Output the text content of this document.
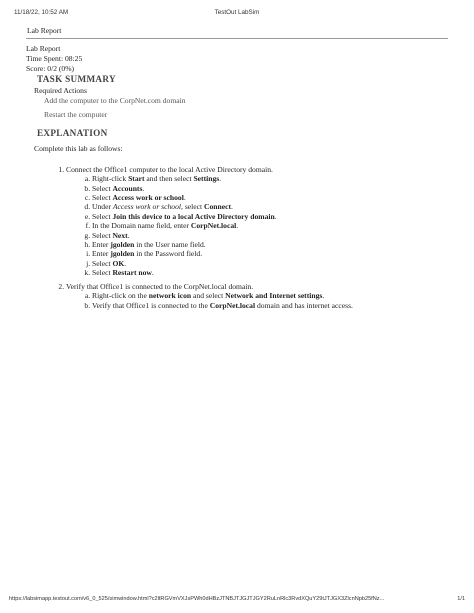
11/18/22, 10:52 AM	TestOut LabSim
Lab Report
Lab Report
Time Spent: 08:25
Score: 0/2 (0%)
TASK SUMMARY
Required Actions
Add the computer to the CorpNet.com domain
Restart the computer
EXPLANATION
Complete this lab as follows:
1. Connect the Office1 computer to the local Active Directory domain.
a. Right-click Start and then select Settings.
b. Select Accounts.
c. Select Access work or school.
d. Under Access work or school, select Connect.
e. Select Join this device to a local Active Directory domain.
f. In the Domain name field, enter CorpNet.local.
g. Select Next.
h. Enter jgolden in the User name field.
i. Enter jgolden in the Password field.
j. Select OK.
k. Select Restart now.
2. Verify that Office1 is connected to the CorpNet.local domain.
a. Right-click on the network icon and select Network and Internet settings.
b. Verify that Office1 is connected to the CorpNet.local domain and has internet access.
https://labsimapp.testout.com/v6_0_525/simwindow.html?c2ltRGVmVXJsPWh0dHBzJTNBJTJGJTJGY2RuLnRlc3RvdXQuY29tJTJGX3ZlcnNpb25fNz...	1/1
